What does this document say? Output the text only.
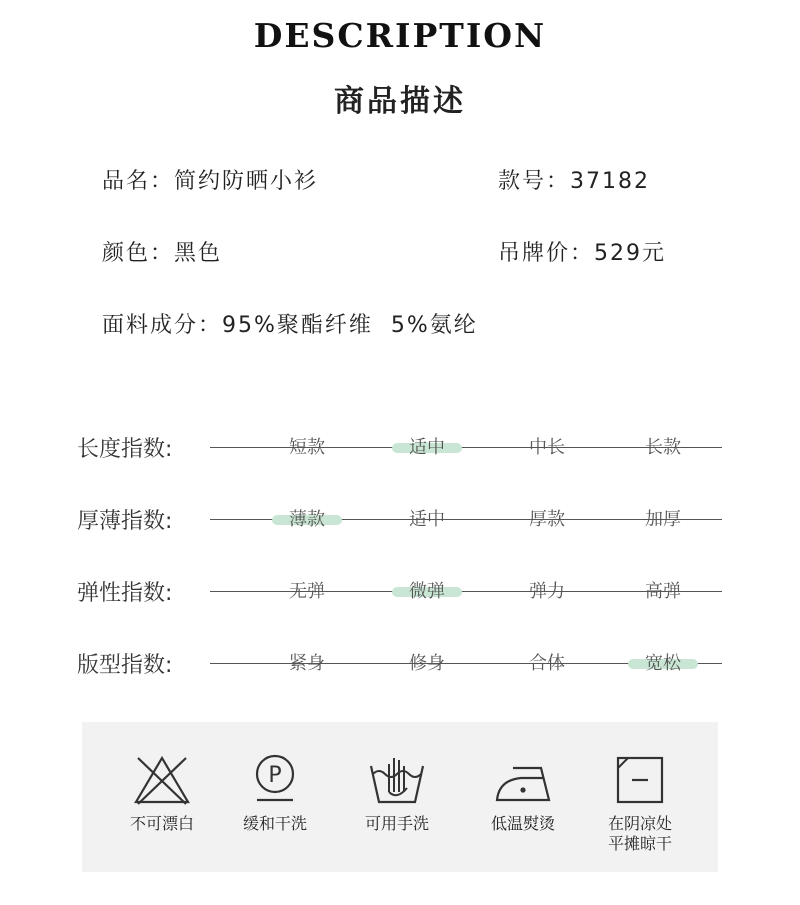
DESCRIPTION
商品描述
品名：简约防晒小衫	款号：37182
颜色：黑色	吊牌价：529元
面料成分：95%聚酯纤维  5%氨纶
长度指数:	短款	适中	中长	长款
厚薄指数:	薄款	适中	厚款	加厚
弹性指数:	无弹	微弹	弹力	高弹
版型指数:	紧身	修身	合体	宽松
不可漂白
P
缓和干洗	可用手洗	低温熨烫	在阴凉处
平摊晾干
